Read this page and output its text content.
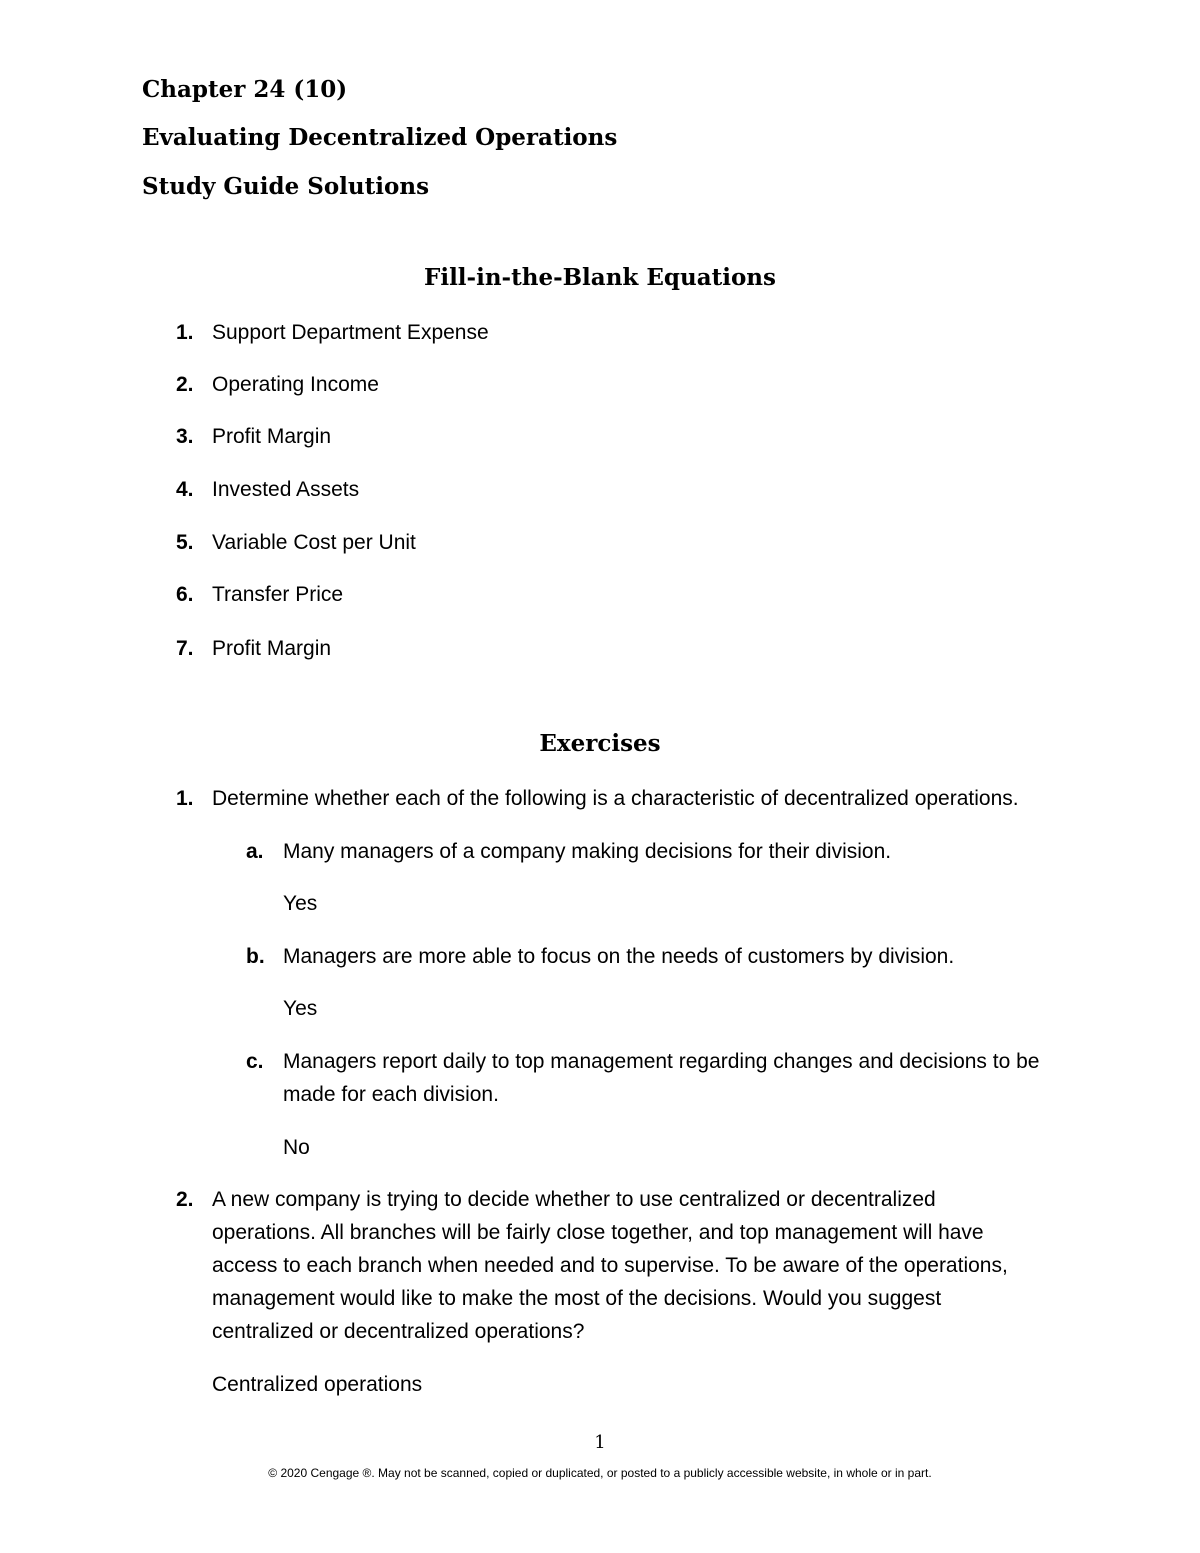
Chapter 24 (10)
Evaluating Decentralized Operations
Study Guide Solutions
Fill-in-the-Blank Equations
1. Support Department Expense
2. Operating Income
3. Profit Margin
4. Invested Assets
5. Variable Cost per Unit
6. Transfer Price
7. Profit Margin
Exercises
1. Determine whether each of the following is a characteristic of decentralized operations.
a. Many managers of a company making decisions for their division.
Yes
b. Managers are more able to focus on the needs of customers by division.
Yes
c. Managers report daily to top management regarding changes and decisions to be made for each division.
No
2. A new company is trying to decide whether to use centralized or decentralized operations. All branches will be fairly close together, and top management will have access to each branch when needed and to supervise. To be aware of the operations, management would like to make the most of the decisions. Would you suggest centralized or decentralized operations?
Centralized operations
1
© 2020 Cengage ®. May not be scanned, copied or duplicated, or posted to a publicly accessible website, in whole or in part.
